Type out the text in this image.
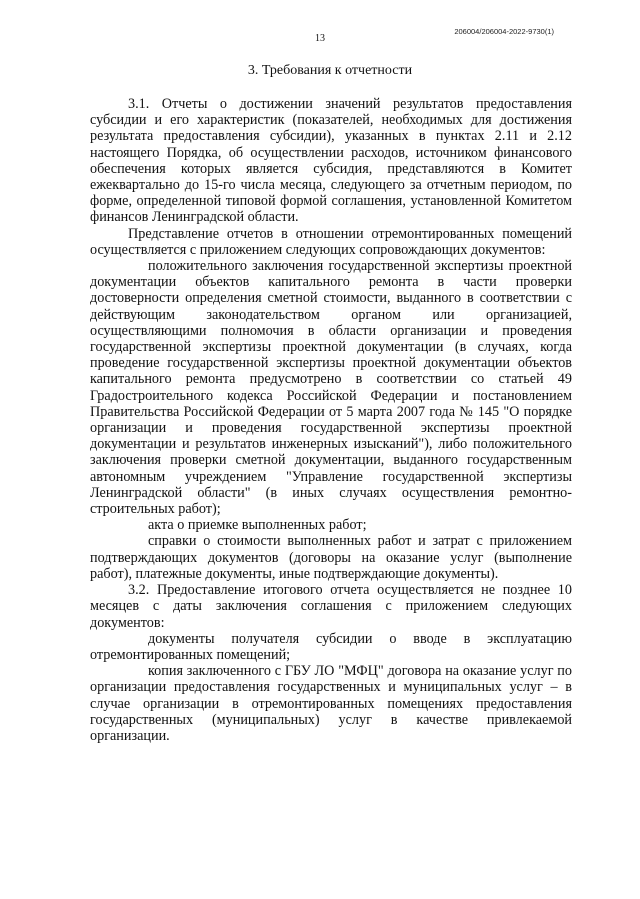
206004/206004-2022-9730(1)
13
3. Требования к отчетности

3.1. Отчеты о достижении значений результатов предоставления субсидии и его характеристик (показателей, необходимых для достижения результата предоставления субсидии), указанных в пунктах 2.11 и 2.12 настоящего Порядка, об осуществлении расходов, источником финансового обеспечения которых является субсидия, представляются в Комитет ежеквартально до 15-го числа месяца, следующего за отчетным периодом, по форме, определенной типовой формой соглашения, установленной Комитетом финансов Ленинградской области.

Представление отчетов в отношении отремонтированных помещений осуществляется с приложением следующих сопровождающих документов:

положительного заключения государственной экспертизы проектной документации объектов капитального ремонта в части проверки достоверности определения сметной стоимости, выданного в соответствии с действующим законодательством органом или организацией, осуществляющими полномочия в области организации и проведения государственной экспертизы проектной документации (в случаях, когда проведение государственной экспертизы проектной документации объектов капитального ремонта предусмотрено в соответствии со статьей 49 Градостроительного кодекса Российской Федерации и постановлением Правительства Российской Федерации от 5 марта 2007 года № 145 "О порядке организации и проведения государственной экспертизы проектной документации и результатов инженерных изысканий"), либо положительного заключения проверки сметной документации, выданного государственным автономным учреждением "Управление государственной экспертизы Ленинградской области" (в иных случаях осуществления ремонтно-строительных работ);

акта о приемке выполненных работ;

справки о стоимости выполненных работ и затрат с приложением подтверждающих документов (договоры на оказание услуг (выполнение работ), платежные документы, иные подтверждающие документы).

3.2. Предоставление итогового отчета осуществляется не позднее 10 месяцев с даты заключения соглашения с приложением следующих документов:

документы получателя субсидии о вводе в эксплуатацию отремонтированных помещений;

копия заключенного с ГБУ ЛО "МФЦ" договора на оказание услуг по организации предоставления государственных и муниципальных услуг – в случае организации в отремонтированных помещениях предоставления государственных (муниципальных) услуг в качестве привлекаемой организации.
